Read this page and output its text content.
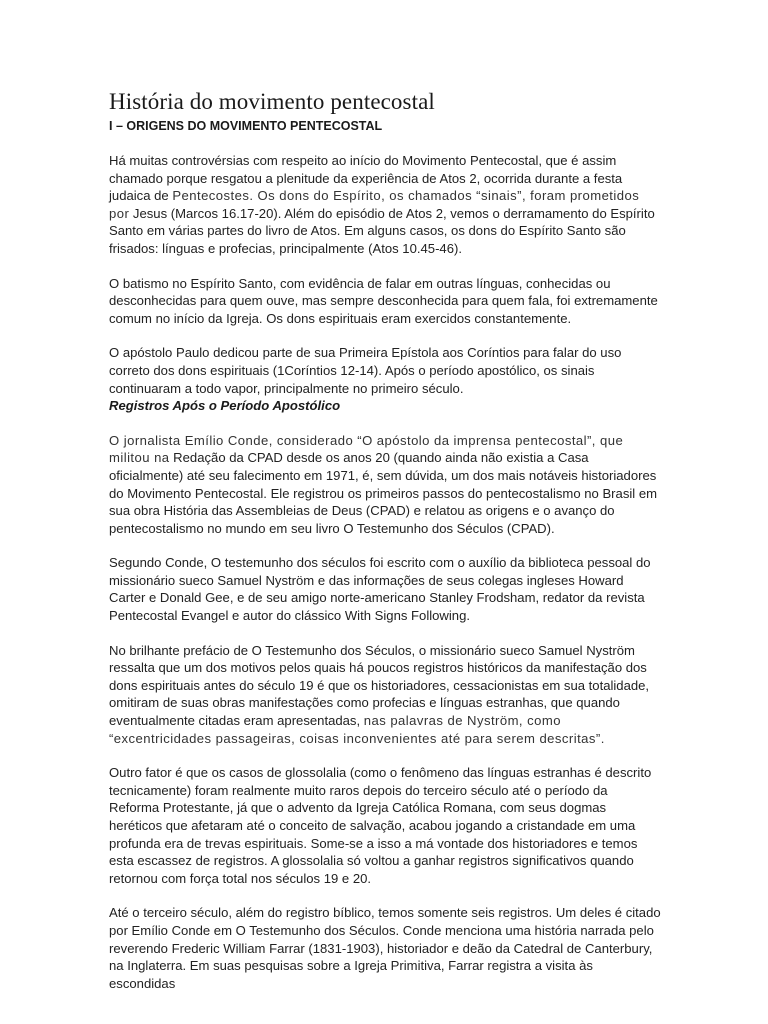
História do movimento pentecostal
I – ORIGENS DO MOVIMENTO PENTECOSTAL

Há muitas controvérsias com respeito ao início do Movimento Pentecostal, que é assim chamado porque resgatou a plenitude da experiência de Atos 2, ocorrida durante a festa judaica de Pentecostes. Os dons do Espírito, os chamados “sinais”, foram prometidos por Jesus (Marcos 16.17-20). Além do episódio de Atos 2, vemos o derramamento do Espírito Santo em várias partes do livro de Atos. Em alguns casos, os dons do Espírito Santo são frisados: línguas e profecias, principalmente (Atos 10.45-46).

O batismo no Espírito Santo, com evidência de falar em outras línguas, conhecidas ou desconhecidas para quem ouve, mas sempre desconhecida para quem fala, foi extremamente comum no início da Igreja. Os dons espirituais eram exercidos constantemente.

O apóstolo Paulo dedicou parte de sua Primeira Epístola aos Coríntios para falar do uso correto dos dons espirituais (1Coríntios 12-14). Após o período apostólico, os sinais continuaram a todo vapor, principalmente no primeiro século.

Registros Após o Período Apostólico

O jornalista Emílio Conde, considerado “O apóstolo da imprensa pentecostal”, que militou na Redação da CPAD desde os anos 20 (quando ainda não existia a Casa oficialmente) até seu falecimento em 1971, é, sem dúvida, um dos mais notáveis historiadores do Movimento Pentecostal. Ele registrou os primeiros passos do pentecostalismo no Brasil em sua obra História das Assembleias de Deus (CPAD) e relatou as origens e o avanço do pentecostalismo no mundo em seu livro O Testemunho dos Séculos (CPAD).

Segundo Conde, O testemunho dos séculos foi escrito com o auxílio da biblioteca pessoal do missionário sueco Samuel Nyström e das informações de seus colegas ingleses Howard Carter e Donald Gee, e de seu amigo norte-americano Stanley Frodsham, redator da revista Pentecostal Evangel e autor do clássico With Signs Following.

No brilhante prefácio de O Testemunho dos Séculos, o missionário sueco Samuel Nyström ressalta que um dos motivos pelos quais há poucos registros históricos da manifestação dos dons espirituais antes do século 19 é que os historiadores, cessacionistas em sua totalidade, omitiram de suas obras manifestações como profecias e línguas estranhas, que quando eventualmente citadas eram apresentadas, nas palavras de Nyström, como “excentricidades passageiras, coisas inconvenientes até para serem descritas”.

Outro fator é que os casos de glossolalia (como o fenômeno das línguas estranhas é descrito tecnicamente) foram realmente muito raros depois do terceiro século até o período da Reforma Protestante, já que o advento da Igreja Católica Romana, com seus dogmas heréticos que afetaram até o conceito de salvação, acabou jogando a cristandade em uma profunda era de trevas espirituais. Some-se a isso a má vontade dos historiadores e temos esta escassez de registros. A glossolalia só voltou a ganhar registros significativos quando retornou com força total nos séculos 19 e 20.

Até o terceiro século, além do registro bíblico, temos somente seis registros. Um deles é citado por Emílio Conde em O Testemunho dos Séculos. Conde menciona uma história narrada pelo reverendo Frederic William Farrar (1831-1903), historiador e deão da Catedral de Canterbury, na Inglaterra. Em suas pesquisas sobre a Igreja Primitiva, Farrar registra a visita às escondidas
